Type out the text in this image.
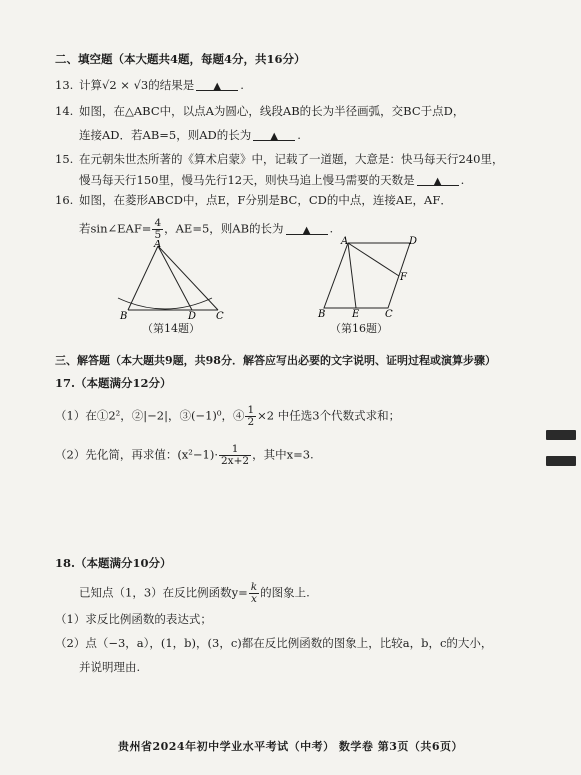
二、填空题（本大题共4题，每题4分，共16分）
13. 计算√2 × √3的结果是 ▲ .
14. 如图，在△ABC中，以点A为圆心，线段AB的长为半径画弧，交BC于点D，
连接AD．若AB=5，则AD的长为 ▲ .
15. 在元朝朱世杰所著的《算术启蒙》中，记载了一道题，大意是：快马每天行240里，
慢马每天行150里，慢马先行12天，则快马追上慢马需要的天数是 ▲ .
16. 如图，在菱形ABCD中，点E，F分别是BC，CD的中点，连接AE，AF．
若sin∠EAF= $\frac{4}{5}$ ，AE=5，则AB的长为 ▲ .
A
B	D C
（第14题）
A	D
F
B	E	C
（第16题）
三、解答题（本大题共9题，共98分．解答应写出必要的文字说明、证明过程或演算步骤）
17.（本题满分12分）
（1）在①2²，②|−2|，③(−1)⁰，④ $\frac{1}{2} \times 2$ 中任选3个代数式求和；
（2）先化简，再求值：$(x^2-1)\cdot \frac{1}{2x+2}$ ，其中x=3.
18.（本题满分10分）
已知点（1，3）在反比例函数$y= \frac{k}{x}$ 的图象上.
（1）求反比例函数的表达式；
（2）点（−3，a），(1，b)，(3，c)都在反比例函数的图象上，比较a，b，c的大小，
并说明理由.
贵州省2024年初中学业水平考试（中考） 数学卷 第3页（共6页）
